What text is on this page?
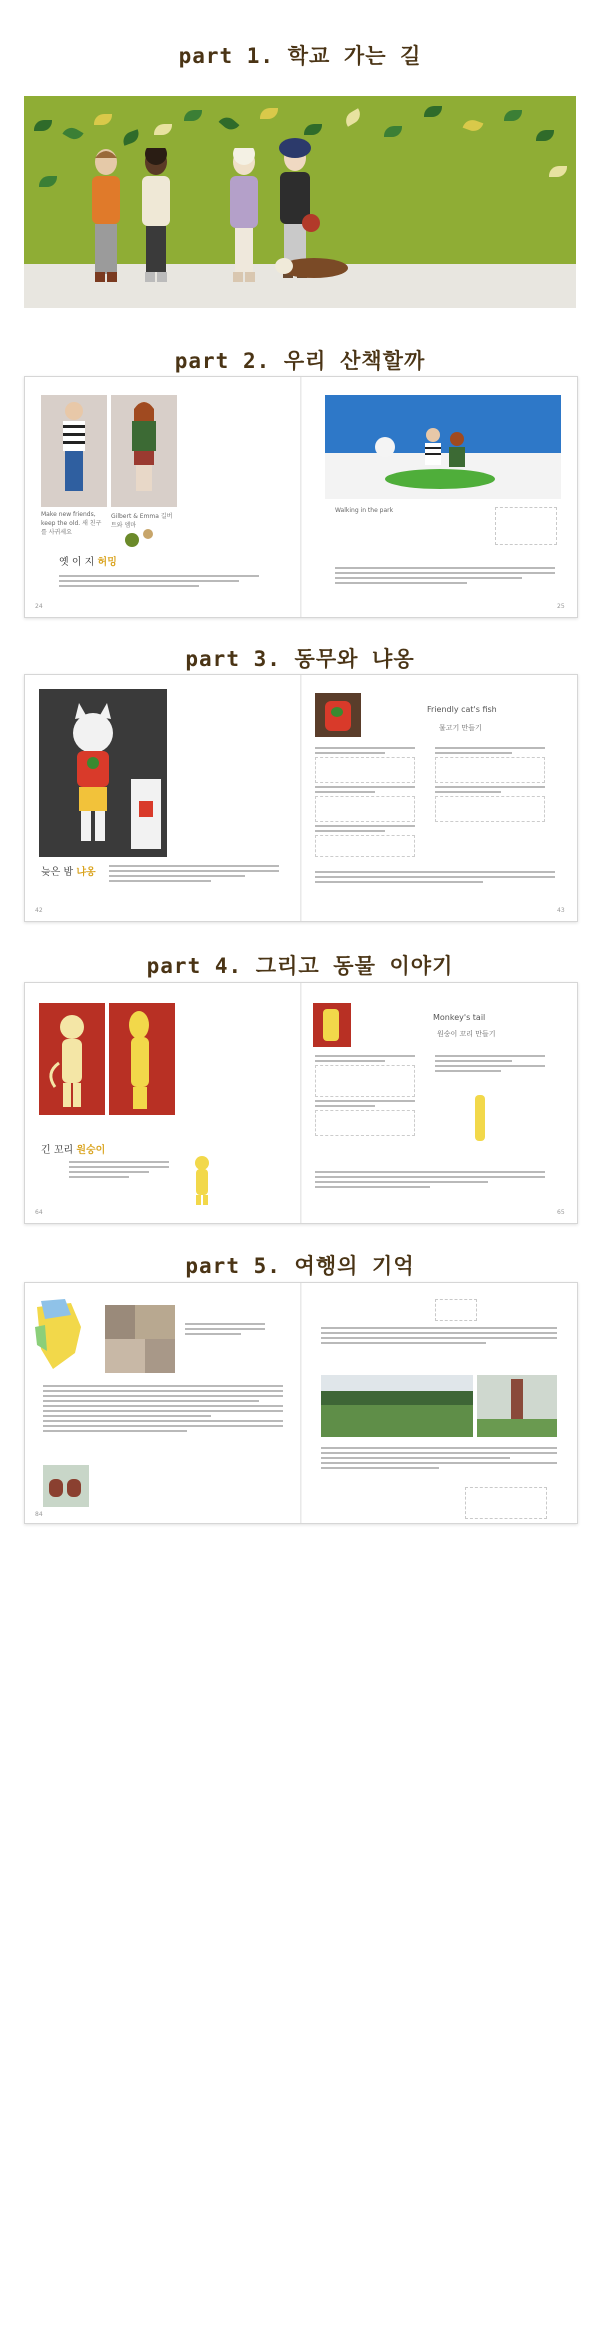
part 1. 학교 가는 길
part 2. 우리 산책할까
Make new friends, keep the old. 새 친구를 사귀세요
Gilbert & Emma 길버트와 엠마
옛 이 지 허밍
24
Walking in the park
25
part 3. 동무와 냐옹
늦은 밤 냐옹
42
Friendly cat's fish
물고기 만들기
43
part 4. 그리고 동물 이야기
긴 꼬리 원숭이
64
Monkey's tail
원숭이 꼬리 만들기
65
part 5. 여행의 기억
84
